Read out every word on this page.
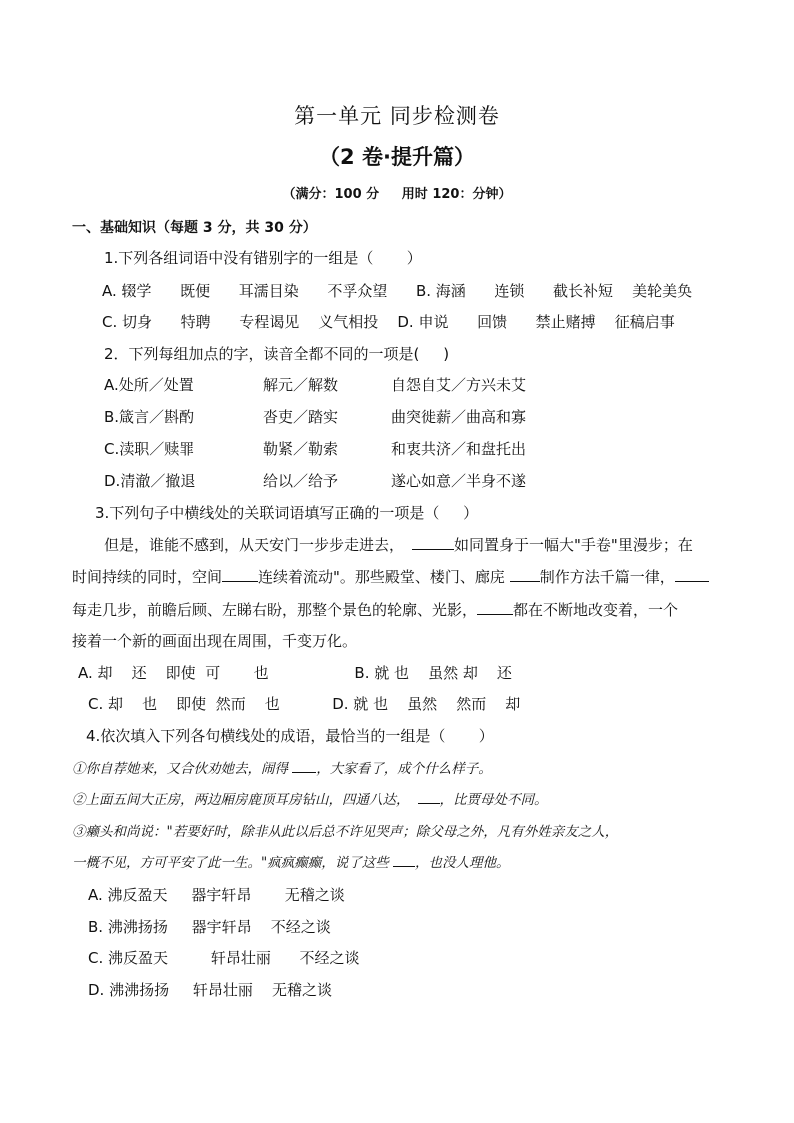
第一单元 同步检测卷
（2 卷·提升篇）
（满分：100 分     用时 120：分钟）
一、基础知识（每题 3 分，共 30 分）
1.下列各组词语中没有错别字的一组是（       ）
A. 辍学      既便      耳濡目染      不孚众望      B. 海涵      连锁      截长补短    美轮美奂
C. 切身      特聘      专程谒见    义气相投    D. 申说      回馈      禁止赌搏    征稿启事
2．下列每组加点的字，读音全都不同的一项是(     )
A.处所／处置	解元／解数	自怨自艾／方兴未艾
B.箴言／斟酌	沓吏／踏实	曲突徙薪／曲高和寡
C.渎职／赎罪	勒紧／勒索	和衷共济／和盘托出
D.清澈／撤退	给以／给予	遂心如意／半身不遂
3.下列句子中横线处的关联词语填写正确的一项是（     ）
但是，谁能不感到，从天安门一步步走进去，	如同置身于一幅大"手卷"里漫步；在
时间持续的同时，空间 连续着流动"。那些殿堂、楼门、廊庑 制作方法千篇一律，
每走几步，前瞻后顾、左睇右盼，那整个景色的轮廓、光影， 都在不断地改变着，一个
接着一个新的画面出现在周围，千变万化。
A. 却    还    即使  可       也                  B. 就 也    虽然 却    还
C. 却    也    即使  然而    也           D. 就 也    虽然    然而    却
4.依次填入下列各句横线处的成语，最恰当的一组是（       ）
①你自荐她来，又合伙劝她去，闹得 ，大家看了，成个什么样子。
②上面五间大正房，两边厢房鹿顶耳房钻山，四通八达， ，比贾母处不同。
③癞头和尚说："若要好时，除非从此以后总不许见哭声；除父母之外，凡有外姓亲友之人，
一概不见，方可平安了此一生。"疯疯癫癫，说了这些 ，也没人理他。
A. 沸反盈天     器宇轩昂       无稽之谈
B. 沸沸扬扬     器宇轩昂    不经之谈
C. 沸反盈天         轩昂壮丽      不经之谈
D. 沸沸扬扬     轩昂壮丽    无稽之谈
